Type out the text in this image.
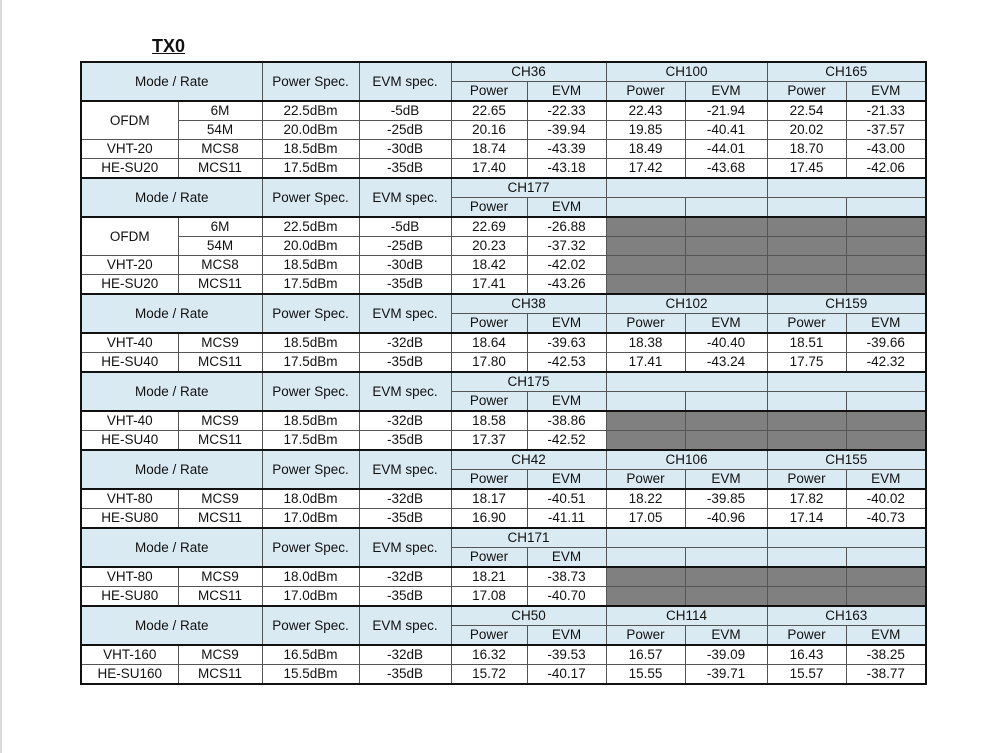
TX0
Mode / Rate		Power Spec.	EVM spec.	CH36		CH100		CH165	
				Power	EVM	Power	EVM	Power	EVM
OFDM	6M	22.5dBm	-5dB	22.65	-22.33	22.43	-21.94	22.54	-21.33
	54M	20.0dBm	-25dB	20.16	-39.94	19.85	-40.41	20.02	-37.57
VHT-20	MCS8	18.5dBm	-30dB	18.74	-43.39	18.49	-44.01	18.70	-43.00
HE-SU20	MCS11	17.5dBm	-35dB	17.40	-43.18	17.42	-43.68	17.45	-42.06
Mode / Rate		Power Spec.	EVM spec.	CH177					
				Power	EVM				
OFDM	6M	22.5dBm	-5dB	22.69	-26.88				
	54M	20.0dBm	-25dB	20.23	-37.32				
VHT-20	MCS8	18.5dBm	-30dB	18.42	-42.02				
HE-SU20	MCS11	17.5dBm	-35dB	17.41	-43.26				
Mode / Rate		Power Spec.	EVM spec.	CH38		CH102		CH159	
				Power	EVM	Power	EVM	Power	EVM
VHT-40	MCS9	18.5dBm	-32dB	18.64	-39.63	18.38	-40.40	18.51	-39.66
HE-SU40	MCS11	17.5dBm	-35dB	17.80	-42.53	17.41	-43.24	17.75	-42.32
Mode / Rate		Power Spec.	EVM spec.	CH175					
				Power	EVM				
VHT-40	MCS9	18.5dBm	-32dB	18.58	-38.86				
HE-SU40	MCS11	17.5dBm	-35dB	17.37	-42.52				
Mode / Rate		Power Spec.	EVM spec.	CH42		CH106		CH155	
				Power	EVM	Power	EVM	Power	EVM
VHT-80	MCS9	18.0dBm	-32dB	18.17	-40.51	18.22	-39.85	17.82	-40.02
HE-SU80	MCS11	17.0dBm	-35dB	16.90	-41.11	17.05	-40.96	17.14	-40.73
Mode / Rate		Power Spec.	EVM spec.	CH171					
				Power	EVM				
VHT-80	MCS9	18.0dBm	-32dB	18.21	-38.73				
HE-SU80	MCS11	17.0dBm	-35dB	17.08	-40.70				
Mode / Rate		Power Spec.	EVM spec.	CH50		CH114		CH163	
				Power	EVM	Power	EVM	Power	EVM
VHT-160	MCS9	16.5dBm	-32dB	16.32	-39.53	16.57	-39.09	16.43	-38.25
HE-SU160	MCS11	15.5dBm	-35dB	15.72	-40.17	15.55	-39.71	15.57	-38.77
